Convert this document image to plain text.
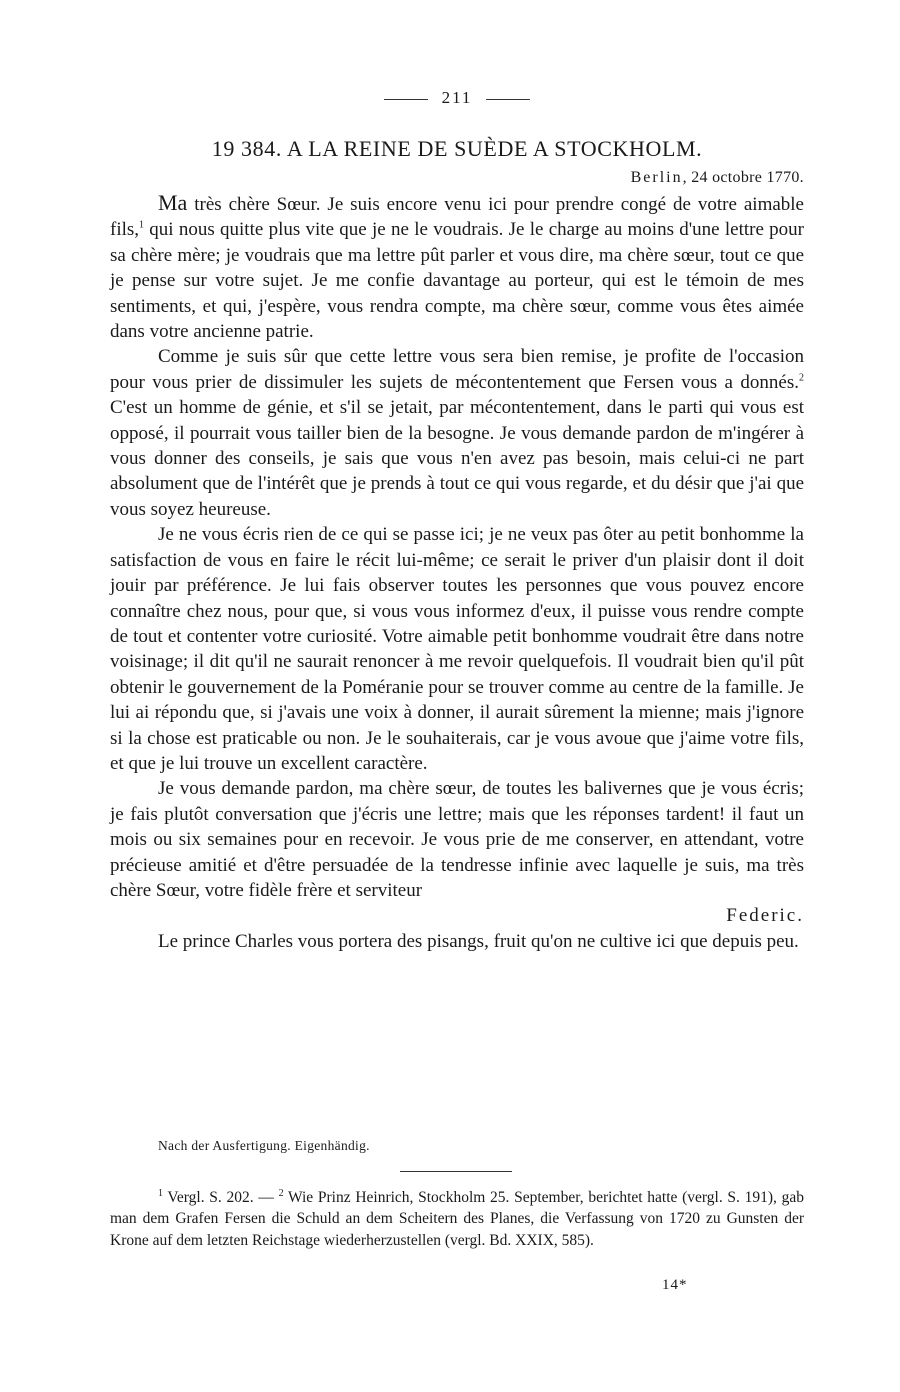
211
19 384. A LA REINE DE SUÈDE A STOCKHOLM.
Berlin, 24 octobre 1770.

Ma très chère Sœur. Je suis encore venu ici pour prendre congé de votre aimable fils,$^1$ qui nous quitte plus vite que je ne le voudrais. Je le charge au moins d'une lettre pour sa chère mère; je voudrais que ma lettre pût parler et vous dire, ma chère sœur, tout ce que je pense sur votre sujet. Je me confie davantage au porteur, qui est le témoin de mes sentiments, et qui, j'espère, vous rendra compte, ma chère sœur, comme vous êtes aimée dans votre ancienne patrie.

Comme je suis sûr que cette lettre vous sera bien remise, je profite de l'occasion pour vous prier de dissimuler les sujets de mécontentement que Fersen vous a donnés.$^2$ C'est un homme de génie, et s'il se jetait, par mécontentement, dans le parti qui vous est opposé, il pourrait vous tailler bien de la besogne. Je vous demande pardon de m'ingérer à vous donner des conseils, je sais que vous n'en avez pas besoin, mais celui-ci ne part absolument que de l'intérêt que je prends à tout ce qui vous regarde, et du désir que j'ai que vous soyez heureuse.

Je ne vous écris rien de ce qui se passe ici; je ne veux pas ôter au petit bonhomme la satisfaction de vous en faire le récit lui-même; ce serait le priver d'un plaisir dont il doit jouir par préférence. Je lui fais observer toutes les personnes que vous pouvez encore connaître chez nous, pour que, si vous vous informez d'eux, il puisse vous rendre compte de tout et contenter votre curiosité. Votre aimable petit bonhomme voudrait être dans notre voisinage; il dit qu'il ne saurait renoncer à me revoir quelquefois. Il voudrait bien qu'il pût obtenir le gouvernement de la Poméranie pour se trouver comme au centre de la famille. Je lui ai répondu que, si j'avais une voix à donner, il aurait sûrement la mienne; mais j'ignore si la chose est praticable ou non. Je le souhaiterais, car je vous avoue que j'aime votre fils, et que je lui trouve un excellent caractère.

Je vous demande pardon, ma chère sœur, de toutes les balivernes que je vous écris; je fais plutôt conversation que j'écris une lettre; mais que les réponses tardent! il faut un mois ou six semaines pour en recevoir. Je vous prie de me conserver, en attendant, votre précieuse amitié et d'être persuadée de la tendresse infinie avec laquelle je suis, ma très chère Sœur, votre fidèle frère et serviteur

Federic.

Le prince Charles vous portera des pisangs, fruit qu'on ne cultive ici que depuis peu.

Nach der Ausfertigung. Eigenhändig.

$^1$ Vergl. S. 202. — $^2$ Wie Prinz Heinrich, Stockholm 25. September, berichtet hatte (vergl. S. 191), gab man dem Grafen Fersen die Schuld an dem Scheitern des Planes, die Verfassung von 1720 zu Gunsten der Krone auf dem letzten Reichstage wiederherzustellen (vergl. Bd. XXIX, 585).

14*
